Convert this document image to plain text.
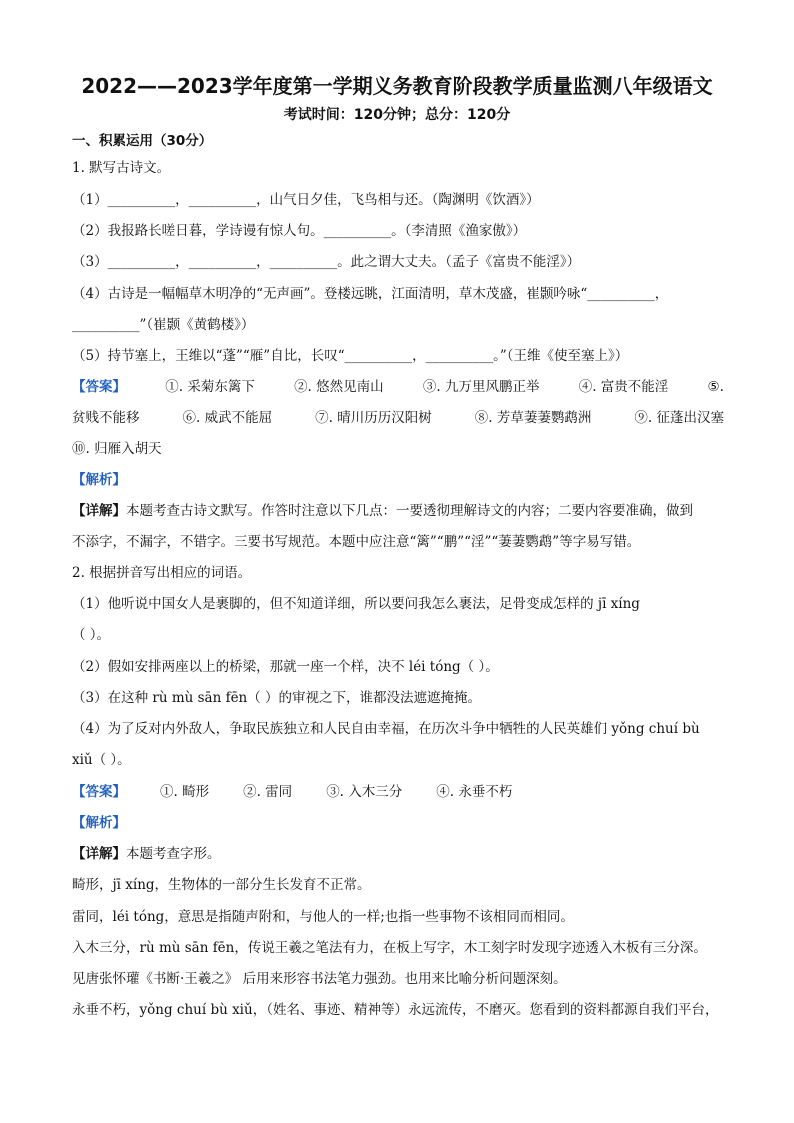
2022——2023学年度第一学期义务教育阶段教学质量监测八年级语文
考试时间：120分钟；总分：120分
一、积累运用（30分）
1. 默写古诗文。
（1）__________，__________，山气日夕佳，飞鸟相与还。（陶渊明《饮酒》）
（2）我报路长嗟日暮，学诗谩有惊人句。__________。（李清照《渔家傲》）
（3）__________，__________，__________。此之谓大丈夫。（孟子《富贵不能淫》）
（4）古诗是一幅幅草木明净的“无声画”。登楼远眺，江面清明，草木茂盛，崔颢吟咏“__________，
__________”（崔颢《黄鹤楼》）
（5）持节塞上，王维以“蓬”“雁”自比，长叹“__________，__________。”（王维《使至塞上》）
【答案】	①. 采菊东篱下	②. 悠然见南山	③. 九万里风鹏正举	④. 富贵不能淫	⑤.
贫贱不能移	⑥. 威武不能屈	⑦. 晴川历历汉阳树	⑧. 芳草萋萋鹦鹉洲	⑨. 征蓬出汉塞
⑩. 归雁入胡天
【解析】
【详解】本题考查古诗文默写。作答时注意以下几点：一要透彻理解诗文的内容；二要内容要准确，做到
不添字，不漏字，不错字。三要书写规范。本题中应注意“篱”“鹏”“淫”“萋萋鹦鹉”等字易写错。
2. 根据拼音写出相应的词语。
（1）他听说中国女人是裹脚的，但不知道详细，所以要问我怎么裹法，足骨变成怎样的 jī xíng
（ ）。
（2）假如安排两座以上的桥梁，那就一座一个样，决不 léi tóng（ ）。
（3）在这种 rù mù sān fēn（ ）的审视之下，谁都没法遮遮掩掩。
（4）为了反对内外敌人，争取民族独立和人民自由幸福，在历次斗争中牺牲的人民英雄们 yǒng chuí bù
xiǔ（ ）。
【答案】	①. 畸形	②. 雷同	③. 入木三分	④. 永垂不朽
【解析】
【详解】本题考查字形。
畸形，jī xíng，生物体的一部分生长发育不正常。
雷同，léi tóng，意思是指随声附和，与他人的一样;也指一些事物不该相同而相同。
入木三分，rù mù sān fēn，传说王羲之笔法有力，在板上写字，木工刻字时发现字迹透入木板有三分深。
见唐张怀瓘《书断·王羲之》 后用来形容书法笔力强劲。也用来比喻分析问题深刻。
永垂不朽，yǒng chuí bù xiǔ，（姓名、事迹、精神等）永远流传，不磨灭。您看到的资料都源自我们平台，
